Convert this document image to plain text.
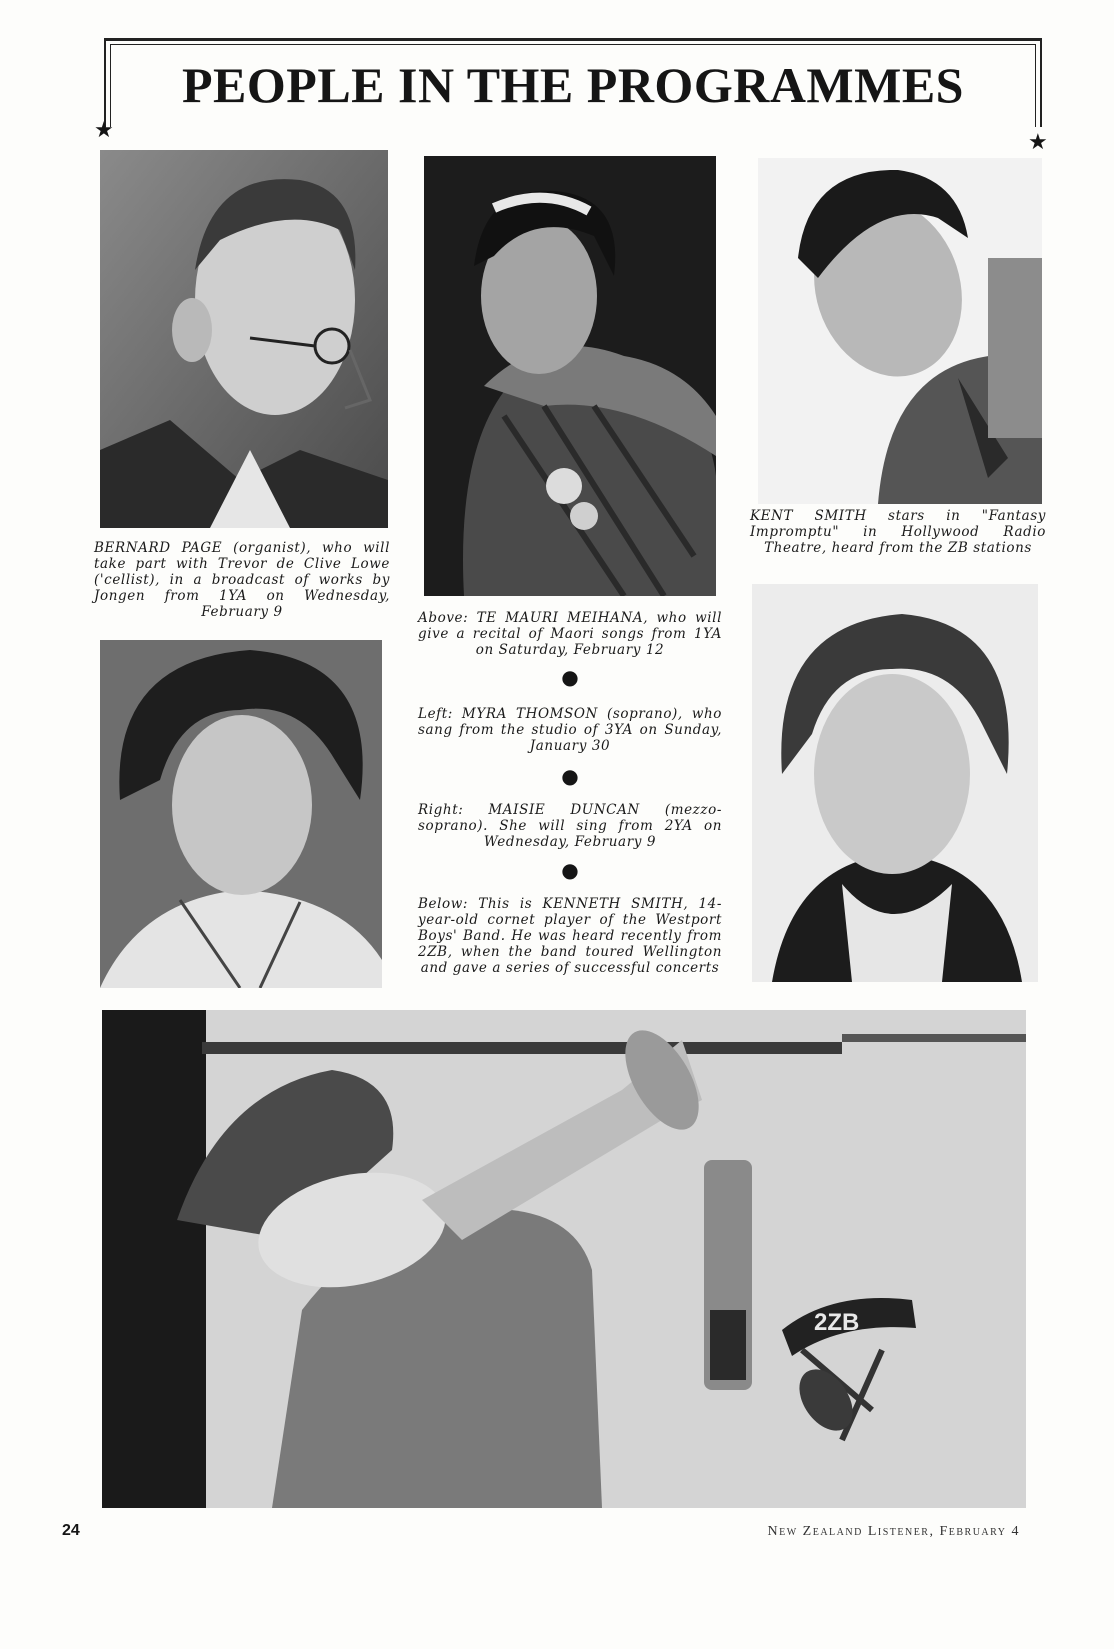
PEOPLE IN THE PROGRAMMES
★	★

KENT SMITH stars in "Fantasy Impromptu" in Hollywood Radio Theatre, heard from the ZB stations

BERNARD PAGE (organist), who will take part with Trevor de Clive Lowe ('cellist), in a broadcast of works by Jongen from 1YA on Wednesday, February 9	Above: TE MAURI MEIHANA, who will give a recital of Maori songs from 1YA on Saturday, February 12

●

Left: MYRA THOMSON (soprano), who sang from the studio of 3YA on Sunday, January 30

●

Right: MAISIE DUNCAN (mezzo-soprano). She will sing from 2YA on Wednesday, February 9

●

Below: This is KENNETH SMITH, 14-year-old cornet player of the Westport Boys' Band. He was heard recently from 2ZB, when the band toured Wellington and gave a series of successful concerts

2ZB
24	New Zealand Listener, February 4
